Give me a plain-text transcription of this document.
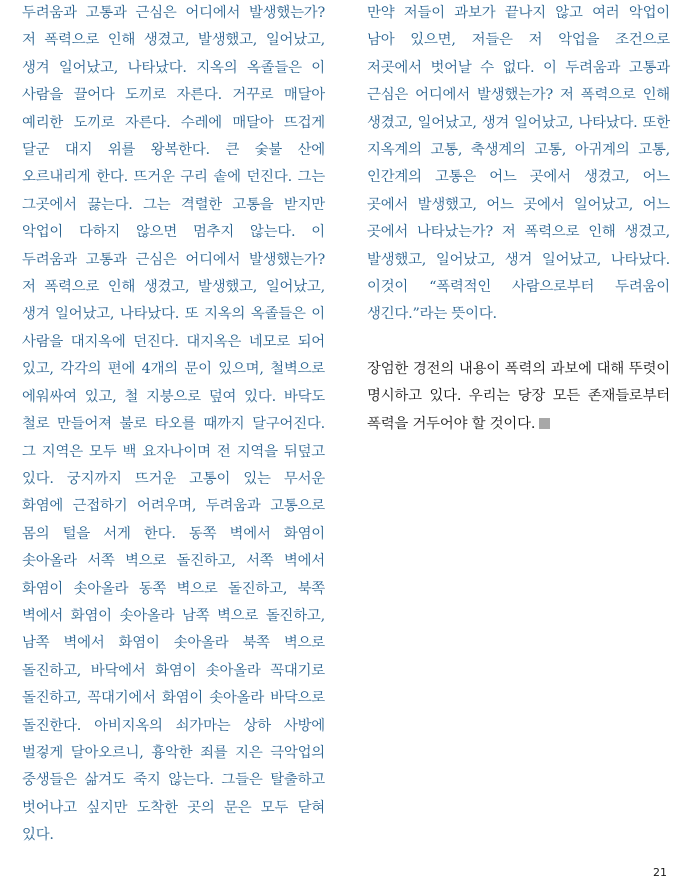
두려움과 고통과 근심은 어디에서 발생했는가? 저 폭력으로 인해 생겼고, 발생했고, 일어났고, 생겨 일어났고, 나타났다. 지옥의 옥졸들은 이 사람을 끌어다 도끼로 자른다. 거꾸로 매달아 예리한 도끼로 자른다. 수레에 매달아 뜨겁게 달군 대지 위를 왕복한다. 큰 숯불 산에 오르내리게 한다. 뜨거운 구리 솥에 던진다. 그는 그곳에서 끓는다. 그는 격렬한 고통을 받지만 악업이 다하지 않으면 멈추지 않는다. 이 두려움과 고통과 근심은 어디에서 발생했는가? 저 폭력으로 인해 생겼고, 발생했고, 일어났고, 생겨 일어났고, 나타났다. 또 지옥의 옥졸들은 이 사람을 대지옥에 던진다. 대지옥은 네모로 되어 있고, 각각의 편에 4개의 문이 있으며, 철벽으로 에워싸여 있고, 철 지붕으로 덮여 있다. 바닥도 철로 만들어져 불로 타오를 때까지 달구어진다. 그 지역은 모두 백 요자나이며 전 지역을 뒤덮고 있다. 궁지까지 뜨거운 고통이 있는 무서운 화염에 근접하기 어려우며, 두려움과 고통으로 몸의 털을 서게 한다. 동쪽 벽에서 화염이 솟아올라 서쪽 벽으로 돌진하고, 서쪽 벽에서 화염이 솟아올라 동쪽 벽으로 돌진하고, 북쪽 벽에서 화염이 솟아올라 남쪽 벽으로 돌진하고, 남쪽 벽에서 화염이 솟아올라 북쪽 벽으로 돌진하고, 바닥에서 화염이 솟아올라 꼭대기로 돌진하고, 꼭대기에서 화염이 솟아올라 바닥으로 돌진한다. 아비지옥의 쇠가마는 상하 사방에 벌겋게 달아오르니, 흉악한 죄를 지은 극악업의 중생들은 삶겨도 죽지 않는다. 그들은 탈출하고 벗어나고 싶지만 도착한 곳의 문은 모두 닫혀 있다.

만약 저들이 과보가 끝나지 않고 여러 악업이 남아 있으면, 저들은 저 악업을 조건으로 저곳에서 벗어날 수 없다. 이 두려움과 고통과 근심은 어디에서 발생했는가? 저 폭력으로 인해 생겼고, 일어났고, 생겨 일어났고, 나타났다. 또한 지옥계의 고통, 축생계의 고통, 아귀계의 고통, 인간계의 고통은 어느 곳에서 생겼고, 어느 곳에서 발생했고, 어느 곳에서 일어났고, 어느 곳에서 나타났는가? 저 폭력으로 인해 생겼고, 발생했고, 일어났고, 생겨 일어났고, 나타났다. 이것이 “폭력적인 사람으로부터 두려움이 생긴다.”라는 뜻이다.

장엄한 경전의 내용이 폭력의 과보에 대해 뚜렷이 명시하고 있다. 우리는 당장 모든 존재들로부터 폭력을 거두어야 할 것이다.

21
